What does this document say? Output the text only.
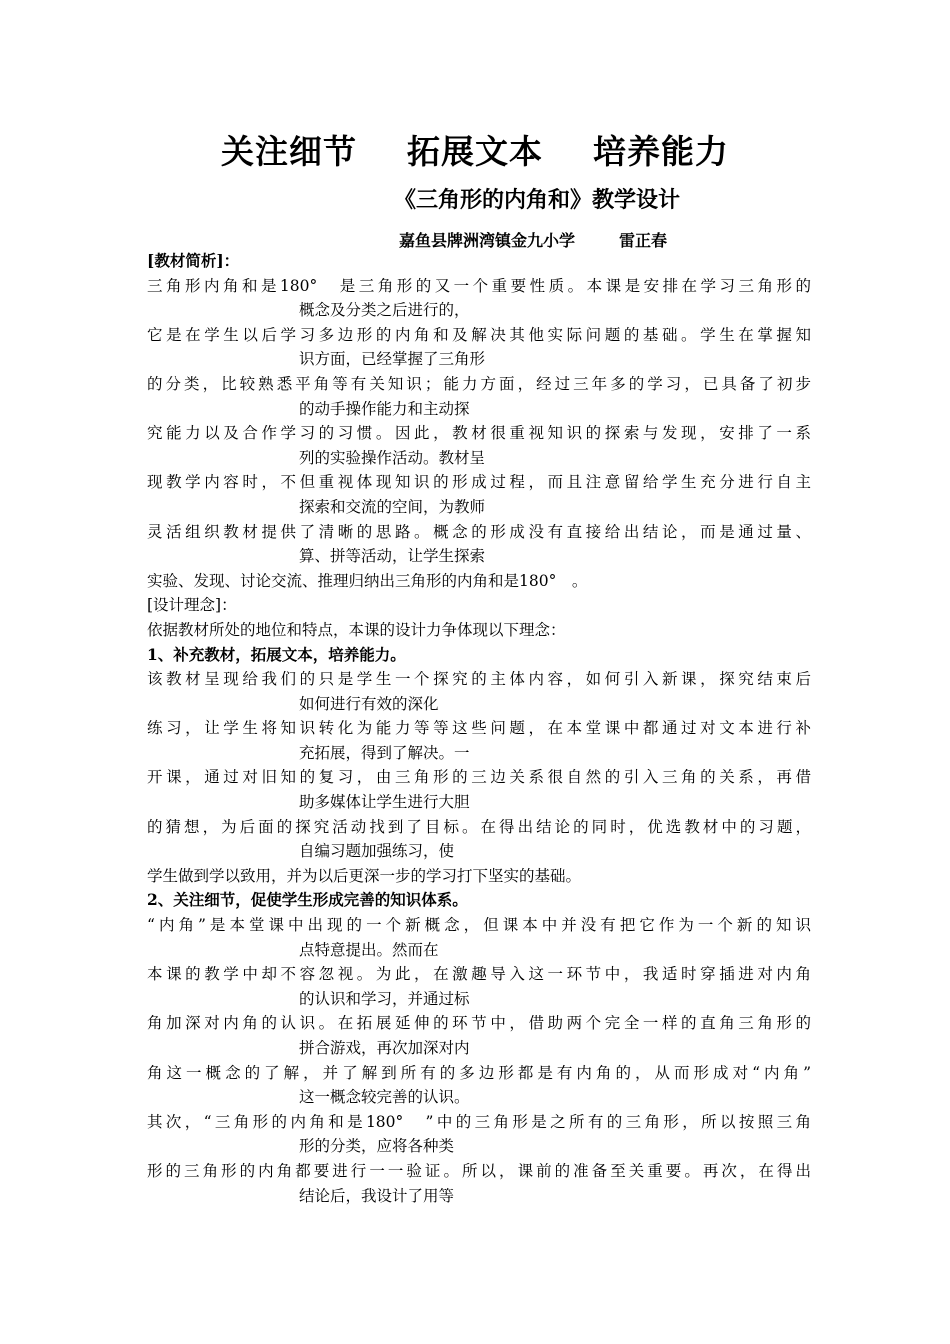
关注细节 拓展文本 培养能力
《三角形的内角和》教学设计
嘉鱼县牌洲湾镇金九小学	雷正春
[教材简析]：
三角形内角和是180°　是三角形的又一个重要性质。本课是安排在学习三角形的
概念及分类之后进行的，
它是在学生以后学习多边形的内角和及解决其他实际问题的基础。学生在掌握知
识方面，已经掌握了三角形
的分类，比较熟悉平角等有关知识；能力方面，经过三年多的学习，已具备了初步
的动手操作能力和主动探
究能力以及合作学习的习惯。因此，教材很重视知识的探索与发现，安排了一系
列的实验操作活动。教材呈
现教学内容时，不但重视体现知识的形成过程，而且注意留给学生充分进行自主
探索和交流的空间，为教师
灵活组织教材提供了清晰的思路。概念的形成没有直接给出结论，而是通过量、
算、拼等活动，让学生探索
实验、发现、讨论交流、推理归纳出三角形的内角和是180°　。
[设计理念]：
依据教材所处的地位和特点，本课的设计力争体现以下理念：
1、补充教材，拓展文本，培养能力。
该教材呈现给我们的只是学生一个探究的主体内容，如何引入新课，探究结束后
如何进行有效的深化
练习，让学生将知识转化为能力等等这些问题，在本堂课中都通过对文本进行补
充拓展，得到了解决。一
开课，通过对旧知的复习，由三角形的三边关系很自然的引入三角的关系，再借
助多媒体让学生进行大胆
的猜想，为后面的探究活动找到了目标。在得出结论的同时，优选教材中的习题，
自编习题加强练习，使
学生做到学以致用，并为以后更深一步的学习打下坚实的基础。
2、关注细节，促使学生形成完善的知识体系。
“内角”是本堂课中出现的一个新概念，但课本中并没有把它作为一个新的知识
点特意提出。然而在
本课的教学中却不容忽视。为此，在激趣导入这一环节中，我适时穿插进对内角
的认识和学习，并通过标
角加深对内角的认识。在拓展延伸的环节中，借助两个完全一样的直角三角形的
拼合游戏，再次加深对内
角这一概念的了解，并了解到所有的多边形都是有内角的，从而形成对“内角”
这一概念较完善的认识。
其次，“三角形的内角和是180°　”中的三角形是之所有的三角形，所以按照三角
形的分类，应将各种类
形的三角形的内角都要进行一一验证。所以，课前的准备至关重要。再次，在得出
结论后，我设计了用等
